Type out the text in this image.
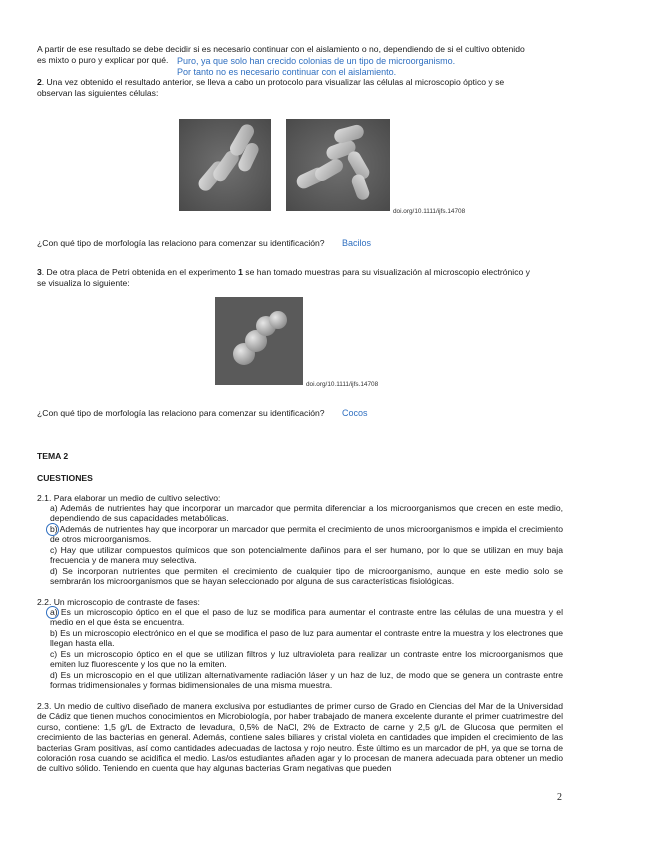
A partir de ese resultado se debe decidir si es necesario continuar con el aislamiento o no, dependiendo de si el cultivo obtenido
es mixto o puro y explicar por qué. Puro, ya que solo han crecido colonias de un tipo de microorganismo.
Por tanto no es necesario continuar con el aislamiento.
2. Una vez obtenido el resultado anterior, se lleva a cabo un protocolo para visualizar las células al microscopio óptico y se
observan las siguientes células:
doi.org/10.1111/ijfs.14708
¿Con qué tipo de morfología las relaciono para comenzar su identificación? Bacilos
3. De otra placa de Petri obtenida en el experimento 1 se han tomado muestras para su visualización al microscopio electrónico y
se visualiza lo siguiente:
doi.org/10.1111/ijfs.14708
¿Con qué tipo de morfología las relaciono para comenzar su identificación? Cocos
TEMA 2
CUESTIONES
2.1. Para elaborar un medio de cultivo selectivo:
a) Además de nutrientes hay que incorporar un marcador que permita diferenciar a los microorganismos que crecen en este medio, dependiendo de sus capacidades metabólicas.
b) Además de nutrientes hay que incorporar un marcador que permita el crecimiento de unos microorganismos e impida el crecimiento de otros microorganismos.
c) Hay que utilizar compuestos químicos que son potencialmente dañinos para el ser humano, por lo que se utilizan en muy baja frecuencia y de manera muy selectiva.
d) Se incorporan nutrientes que permiten el crecimiento de cualquier tipo de microorganismo, aunque en este medio solo se sembrarán los microorganismos que se hayan seleccionado por alguna de sus características fisiológicas.
2.2. Un microscopio de contraste de fases:
a) Es un microscopio óptico en el que el paso de luz se modifica para aumentar el contraste entre las células de una muestra y el medio en el que ésta se encuentra.
b) Es un microscopio electrónico en el que se modifica el paso de luz para aumentar el contraste entre la muestra y los electrones que llegan hasta ella.
c) Es un microscopio óptico en el que se utilizan filtros y luz ultravioleta para realizar un contraste entre los microorganismos que emiten luz fluorescente y los que no la emiten.
d) Es un microscopio en el que utilizan alternativamente radiación láser y un haz de luz, de modo que se genera un contraste entre formas tridimensionales y formas bidimensionales de una misma muestra.
2.3. Un medio de cultivo diseñado de manera exclusiva por estudiantes de primer curso de Grado en Ciencias del Mar de la Universidad de Cádiz que tienen muchos conocimientos en Microbiología, por haber trabajado de manera excelente durante el primer cuatrimestre del curso, contiene: 1,5 g/L de Extracto de levadura, 0,5% de NaCl, 2% de Extracto de carne y 2,5 g/L de Glucosa que permiten el crecimiento de las bacterias en general. Además, contiene sales biliares y cristal violeta en cantidades que impiden el crecimiento de las bacterias Gram positivas, así como cantidades adecuadas de lactosa y rojo neutro. Éste último es un marcador de pH, ya que se torna de coloración rosa cuando se acidifica el medio. Las/os estudiantes añaden agar y lo procesan de manera adecuada para obtener un medio de cultivo sólido. Teniendo en cuenta que hay algunas bacterias Gram negativas que pueden
2
